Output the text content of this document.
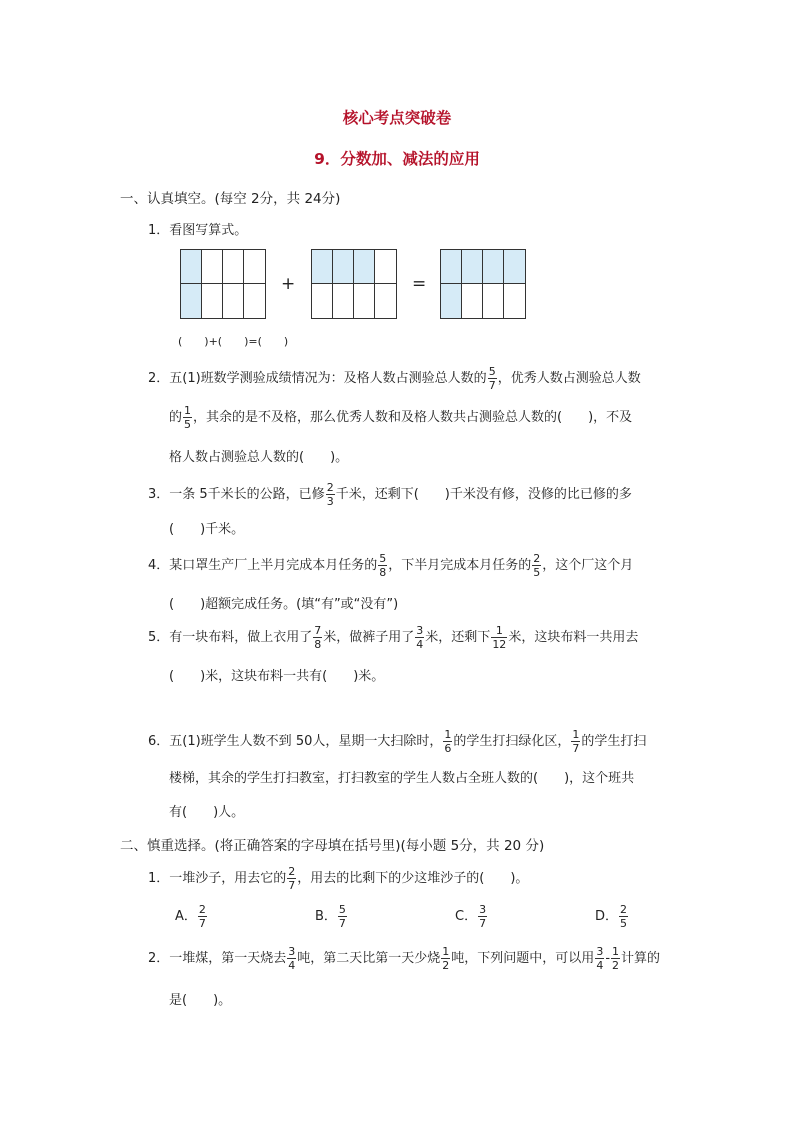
核心考点突破卷
9．分数加、减法的应用
一、认真填空。(每空 2分，共 24分)
1．看图写算式。
+	=
(　　)+(　　)=(　　)
2．五(1)班数学测验成绩情况为：及格人数占测验总人数的 $\frac{5}{7}$ ，优秀人数占测验总人数
的 $\frac{1}{5}$ ，其余的是不及格，那么优秀人数和及格人数共占测验总人数的(　　)，不及
格人数占测验总人数的(　　)。
3．一条 5千米长的公路，已修 $\frac{2}{3}$ 千米，还剩下(　　)千米没有修，没修的比已修的多
(　　)千米。
4．某口罩生产厂上半月完成本月任务的 $\frac{5}{8}$ ，下半月完成本月任务的 $\frac{2}{5}$ ，这个厂这个月
(　　)超额完成任务。(填“有”或“没有”)
5．有一块布料，做上衣用了 $\frac{7}{8}$ 米，做裤子用了 $\frac{3}{4}$ 米，还剩下 $\frac{1}{12}$ 米，这块布料一共用去
(　　)米，这块布料一共有(　　)米。
6．五(1)班学生人数不到 50人，星期一大扫除时， $\frac{1}{6}$ 的学生打扫绿化区， $\frac{1}{7}$ 的学生打扫
楼梯，其余的学生打扫教室，打扫教室的学生人数占全班人数的(　　)，这个班共
有(　　)人。
二、慎重选择。(将正确答案的字母填在括号里)(每小题 5分，共 20 分)
1．一堆沙子，用去它的 $\frac{2}{7}$ ，用去的比剩下的少这堆沙子的(　　)。
A． $\frac{2}{7}$	B． $\frac{5}{7}$	C． $\frac{3}{7}$	D． $\frac{2}{5}$
2．一堆煤，第一天烧去 $\frac{3}{4}$ 吨，第二天比第一天少烧 $\frac{1}{2}$ 吨，下列问题中，可以用 $\frac{3}{4} - \frac{1}{2}$ 计算的
是(　　)。
